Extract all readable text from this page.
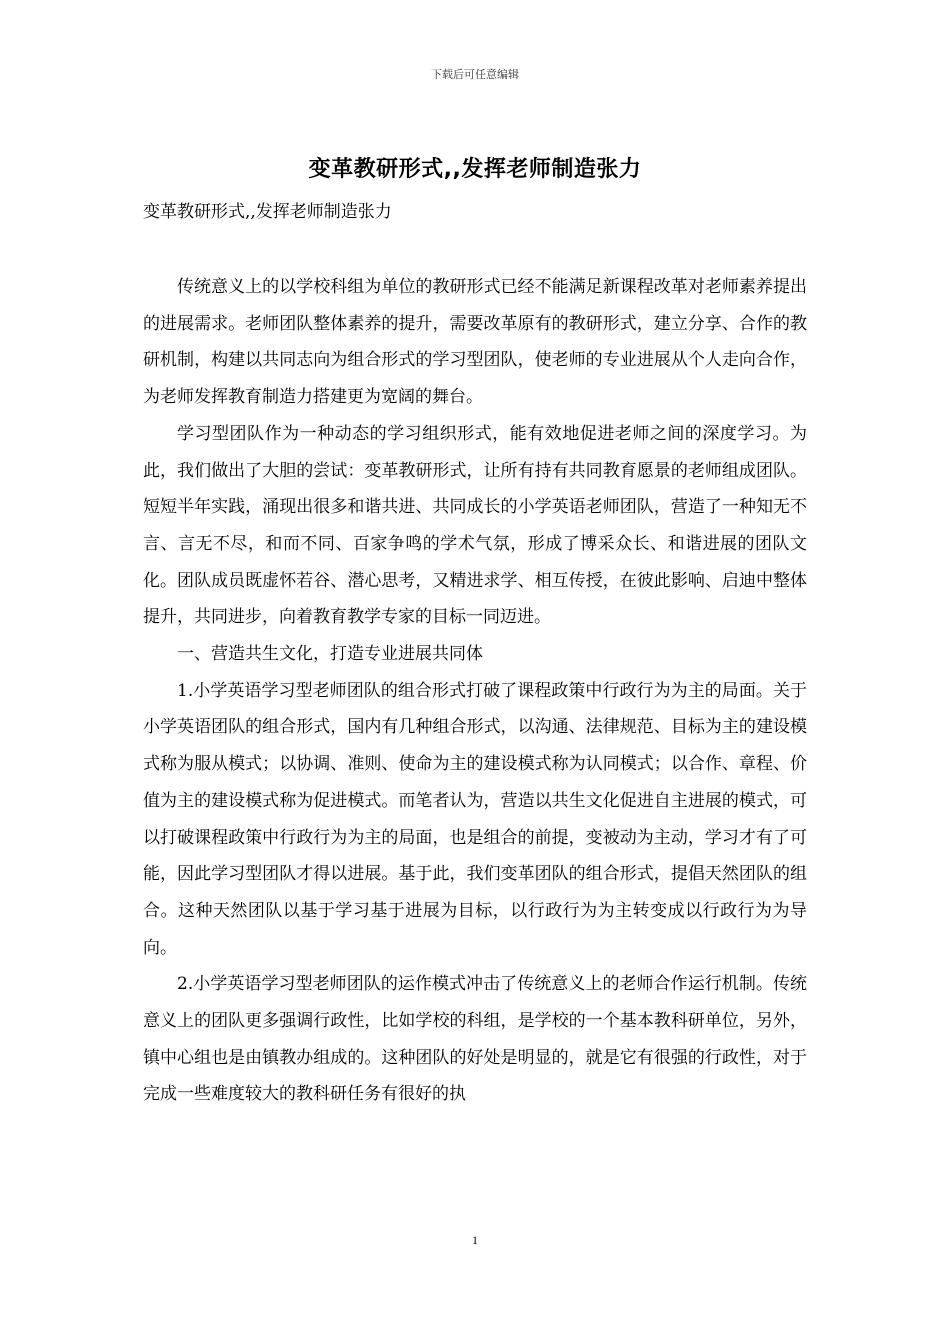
下载后可任意编辑
变革教研形式,,发挥老师制造张力
变革教研形式,,发挥老师制造张力

传统意义上的以学校科组为单位的教研形式已经不能满足新课程改革对老师素养提出的进展需求。老师团队整体素养的提升，需要改革原有的教研形式，建立分享、合作的教研机制，构建以共同志向为组合形式的学习型团队，使老师的专业进展从个人走向合作，为老师发挥教育制造力搭建更为宽阔的舞台。

学习型团队作为一种动态的学习组织形式，能有效地促进老师之间的深度学习。为此，我们做出了大胆的尝试：变革教研形式，让所有持有共同教育愿景的老师组成团队。短短半年实践，涌现出很多和谐共进、共同成长的小学英语老师团队，营造了一种知无不言、言无不尽，和而不同、百家争鸣的学术气氛，形成了博采众长、和谐进展的团队文化。团队成员既虚怀若谷、潜心思考，又精进求学、相互传授，在彼此影响、启迪中整体提升，共同进步，向着教育教学专家的目标一同迈进。

一、营造共生文化，打造专业进展共同体

1.小学英语学习型老师团队的组合形式打破了课程政策中行政行为为主的局面。关于小学英语团队的组合形式，国内有几种组合形式，以沟通、法律规范、目标为主的建设模式称为服从模式；以协调、准则、使命为主的建设模式称为认同模式；以合作、章程、价值为主的建设模式称为促进模式。而笔者认为，营造以共生文化促进自主进展的模式，可以打破课程政策中行政行为为主的局面，也是组合的前提，变被动为主动，学习才有了可能，因此学习型团队才得以进展。基于此，我们变革团队的组合形式，提倡天然团队的组合。这种天然团队以基于学习基于进展为目标，以行政行为为主转变成以行政行为为导向。

2.小学英语学习型老师团队的运作模式冲击了传统意义上的老师合作运行机制。传统意义上的团队更多强调行政性，比如学校的科组，是学校的一个基本教科研单位，另外，镇中心组也是由镇教办组成的。这种团队的好处是明显的，就是它有很强的行政性，对于完成一些难度较大的教科研任务有很好的执

1
